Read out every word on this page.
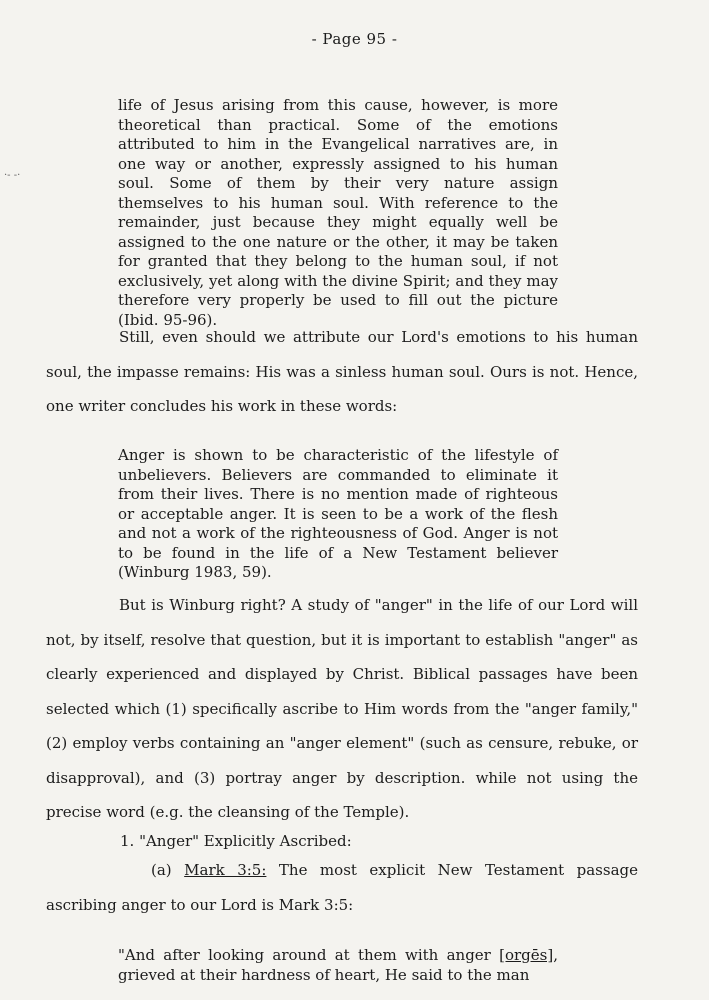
- Page 95 -
·- -·
life of Jesus arising from this cause, however, is more theoretical than practical. Some of the emotions attributed to him in the Evangelical narratives are, in one way or another, expressly assigned to his human soul. Some of them by their very nature assign themselves to his human soul. With reference to the remainder, just because they might equally well be assigned to the one nature or the other, it may be taken for granted that they belong to the human soul, if not exclusively, yet along with the divine Spirit; and they may therefore very properly be used to fill out the picture (Ibid. 95-96).
Still, even should we attribute our Lord's emotions to his human soul, the impasse remains: His was a sinless human soul. Ours is not. Hence, one writer concludes his work in these words:
Anger is shown to be characteristic of the lifestyle of unbelievers. Believers are commanded to eliminate it from their lives. There is no mention made of righteous or acceptable anger. It is seen to be a work of the flesh and not a work of the righteousness of God. Anger is not to be found in the life of a New Testament believer (Winburg 1983, 59).
But is Winburg right? A study of "anger" in the life of our Lord will not, by itself, resolve that question, but it is important to establish "anger" as clearly experienced and displayed by Christ. Biblical passages have been selected which (1) specifically ascribe to Him words from the "anger family," (2) employ verbs containing an "anger element" (such as censure, rebuke, or disapproval), and (3) portray anger by description. while not using the precise word (e.g. the cleansing of the Temple).
1. "Anger" Explicitly Ascribed:
(a) Mark 3:5: The most explicit New Testament passage ascribing anger to our Lord is Mark 3:5:
"And after looking around at them with anger [orgēs], grieved at their hardness of heart, He said to the man
